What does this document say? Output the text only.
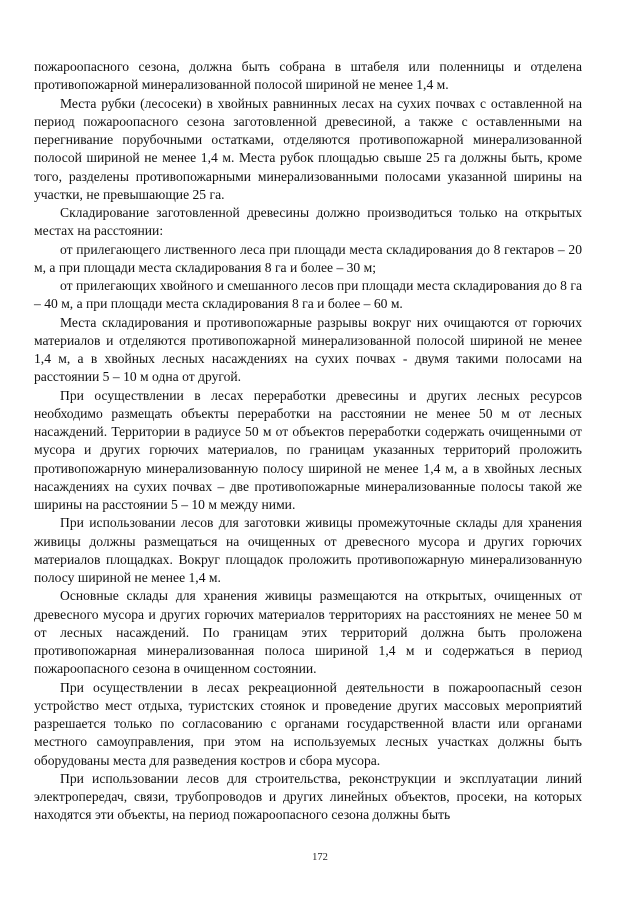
пожароопасного сезона, должна быть собрана в штабеля или поленницы и отделена противопожарной минерализованной полосой шириной не менее 1,4 м.

Места рубки (лесосеки) в хвойных равнинных лесах на сухих почвах с оставленной на период пожароопасного сезона заготовленной древесиной, а также с оставленными на перегнивание порубочными остатками, отделяются противопожарной минерализованной полосой шириной не менее 1,4 м. Места рубок площадью свыше 25 га должны быть, кроме того, разделены противопожарными минерализованными полосами указанной ширины на участки, не превышающие 25 га.

Складирование заготовленной древесины должно производиться только на открытых местах на расстоянии:

от прилегающего лиственного леса при площади места складирования до 8 гектаров – 20 м, а при площади места складирования 8 га и более – 30 м;

от прилегающих хвойного и смешанного лесов при площади места складирования до 8 га – 40 м, а при площади места складирования 8 га и более – 60 м.

Места складирования и противопожарные разрывы вокруг них очищаются от горючих материалов и отделяются противопожарной минерализованной полосой шириной не менее 1,4 м, а в хвойных лесных насаждениях на сухих почвах - двумя такими полосами на расстоянии 5 – 10 м одна от другой.

При осуществлении в лесах переработки древесины и других лесных ресурсов необходимо размещать объекты переработки на расстоянии не менее 50 м от лесных насаждений. Территории в радиусе 50 м от объектов переработки содержать очищенными от мусора и других горючих материалов, по границам указанных территорий проложить противопожарную минерализованную полосу шириной не менее 1,4 м, а в хвойных лесных насаждениях на сухих почвах – две противопожарные минерализованные полосы такой же ширины на расстоянии 5 – 10 м между ними.

При использовании лесов для заготовки живицы промежуточные склады для хранения живицы должны размещаться на очищенных от древесного мусора и других горючих материалов площадках. Вокруг площадок проложить противопожарную минерализованную полосу шириной не менее 1,4 м.

Основные склады для хранения живицы размещаются на открытых, очищенных от древесного мусора и других горючих материалов территориях на расстояниях не менее 50 м от лесных насаждений. По границам этих территорий должна быть проложена противопожарная минерализованная полоса шириной 1,4 м и содержаться в период пожароопасного сезона в очищенном состоянии.

При осуществлении в лесах рекреационной деятельности в пожароопасный сезон устройство мест отдыха, туристских стоянок и проведение других массовых мероприятий разрешается только по согласованию с органами государственной власти или органами местного самоуправления, при этом на используемых лесных участках должны быть оборудованы места для разведения костров и сбора мусора.

При использовании лесов для строительства, реконструкции и эксплуатации линий электропередач, связи, трубопроводов и других линейных объектов, просеки, на которых находятся эти объекты, на период пожароопасного сезона должны быть

172
